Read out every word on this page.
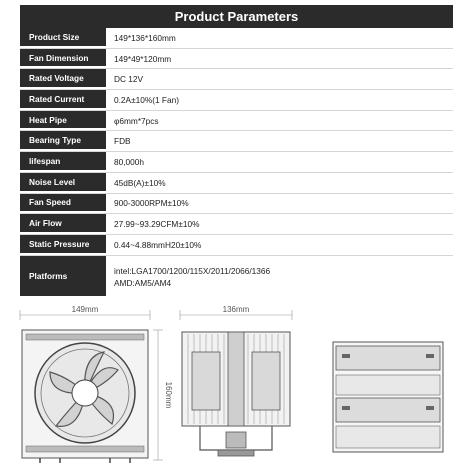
Product Parameters
Product Size	149*136*160mm
Fan Dimension	149*49*120mm
Rated Voltage	DC 12V
Rated Current	0.2A±10%(1 Fan)
Heat Pipe	φ6mm*7pcs
Bearing Type	FDB
lifespan	80,000h
Noise Level	45dB(A)±10%
Fan Speed	900-3000RPM±10%
Air Flow	27.99~93.29CFM±10%
Static Pressure	0.44~4.88mmH20±10%
Platforms	intel:LGA1700/1200/115X/2011/2066/1366
AMD:AM5/AM4
149mm
160mm
136mm
